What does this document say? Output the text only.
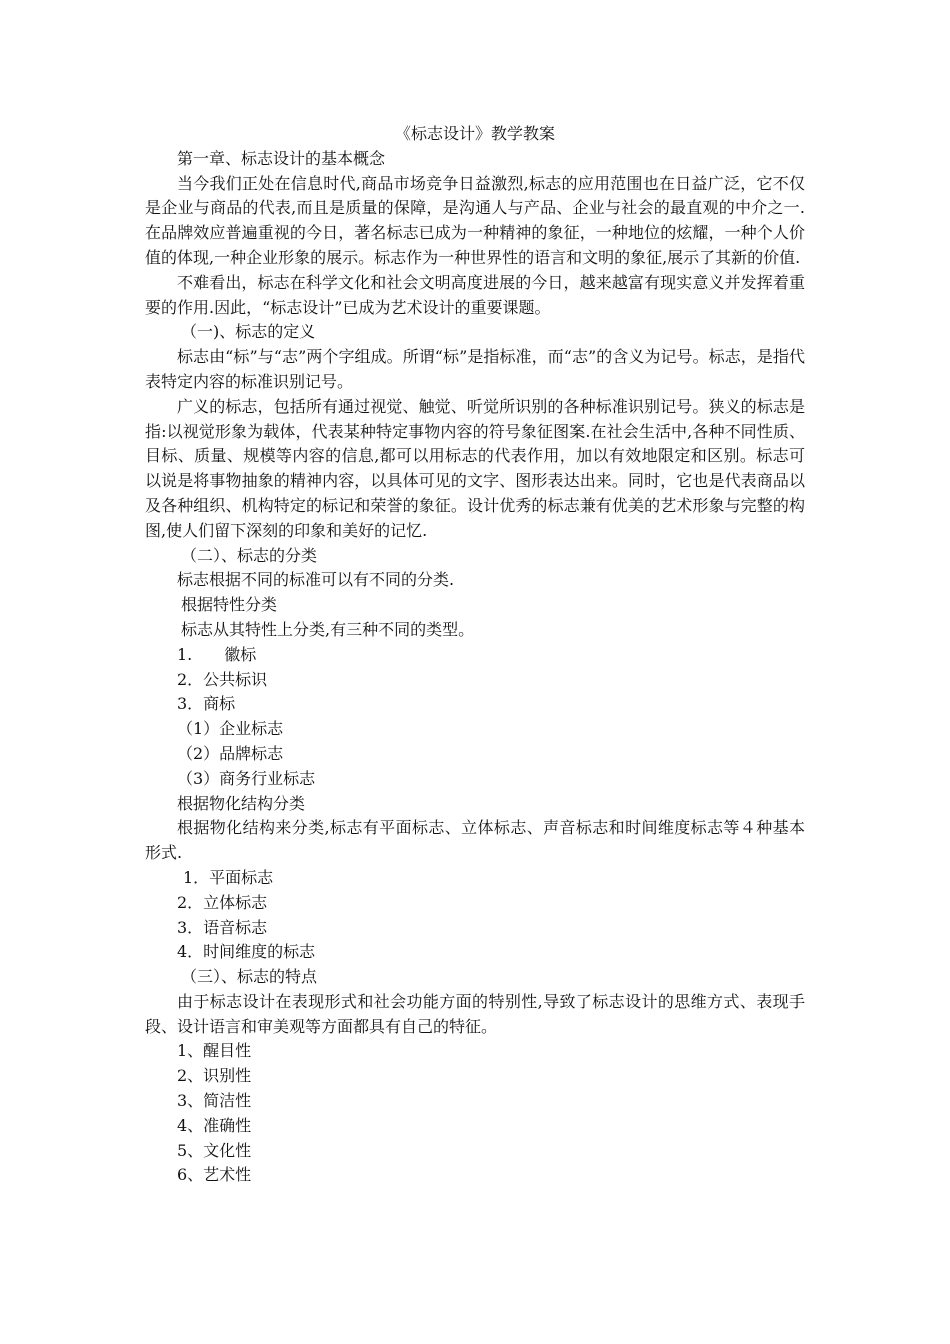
《标志设计》教学教案
第一章、标志设计的基本概念

当今我们正处在信息时代,商品市场竞争日益激烈,标志的应用范围也在日益广泛，它不仅是企业与商品的代表,而且是质量的保障，是沟通人与产品、企业与社会的最直观的中介之一.在品牌效应普遍重视的今日，著名标志已成为一种精神的象征，一种地位的炫耀，一种个人价值的体现,一种企业形象的展示。标志作为一种世界性的语言和文明的象征,展示了其新的价值.

不难看出，标志在科学文化和社会文明高度进展的今日，越来越富有现实意义并发挥着重要的作用.因此，“标志设计”已成为艺术设计的重要课题。

（一)、标志的定义

标志由“标”与“志”两个字组成。所谓“标”是指标准，而“志”的含义为记号。标志，是指代表特定内容的标准识别记号。

广义的标志，包括所有通过视觉、触觉、听觉所识别的各种标准识别记号。狭义的标志是指:以视觉形象为载体，代表某种特定事物内容的符号象征图案.在社会生活中,各种不同性质、目标、质量、规模等内容的信息,都可以用标志的代表作用，加以有效地限定和区别。标志可以说是将事物抽象的精神内容，以具体可见的文字、图形表达出来。同时，它也是代表商品以及各种组织、机构特定的标记和荣誉的象征。设计优秀的标志兼有优美的艺术形象与完整的构图,使人们留下深刻的印象和美好的记忆.

（二）、标志的分类
标志根据不同的标准可以有不同的分类.
根据特性分类
标志从其特性上分类,有三种不同的类型。
1.　　徽标
2．公共标识
3．商标
（1）企业标志
（2）品牌标志
（3）商务行业标志
根据物化结构分类

根据物化结构来分类,标志有平面标志、立体标志、声音标志和时间维度标志等４种基本形式.

1．平面标志
2．立体标志
3．语音标志
4．时间维度的标志
（三）、标志的特点

由于标志设计在表现形式和社会功能方面的特别性,导致了标志设计的思维方式、表现手段、设计语言和审美观等方面都具有自己的特征。

1、醒目性
2、识别性
3、简洁性
4、准确性
5、文化性
6、艺术性
